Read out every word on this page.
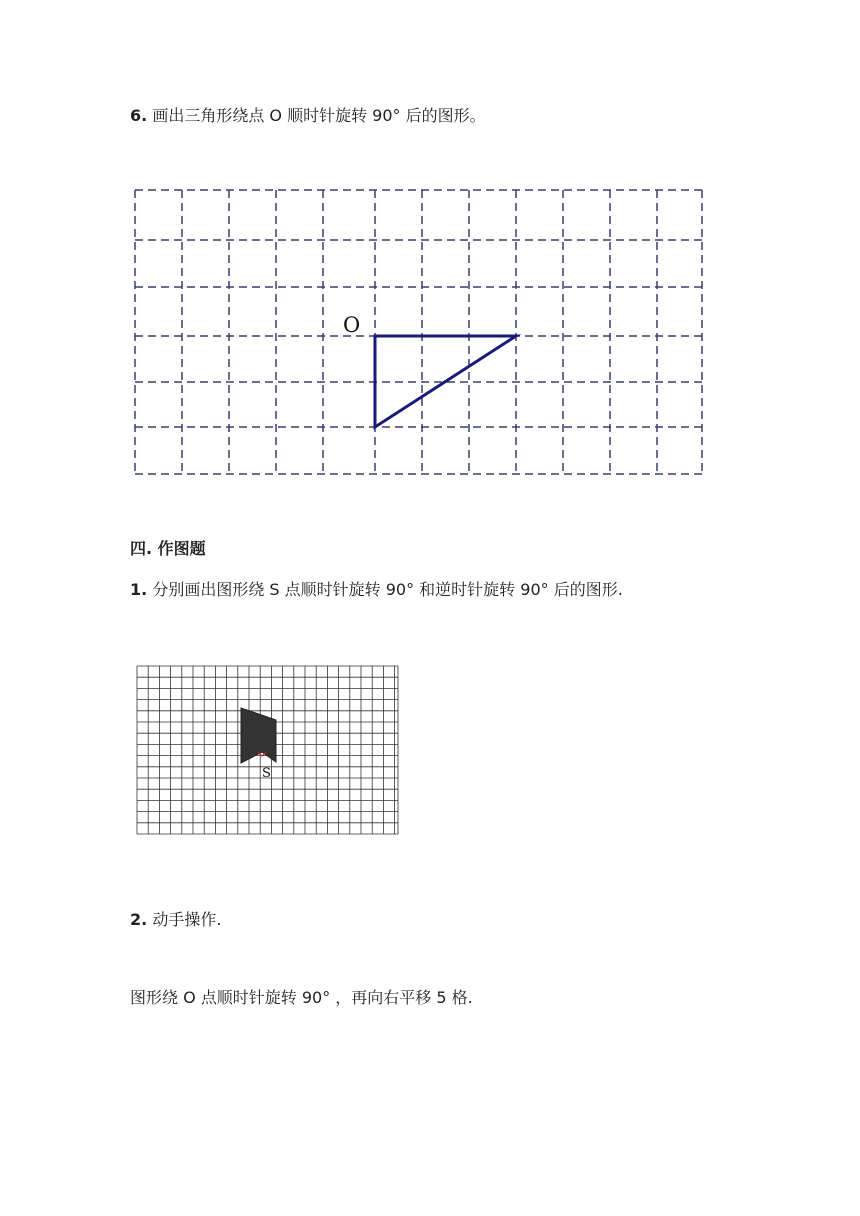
6. 画出三角形绕点 O 顺时针旋转 90° 后的图形。
O
四. 作图题
1. 分别画出图形绕 S 点顺时针旋转 90° 和逆时针旋转 90° 后的图形.
S
2. 动手操作.
图形绕 O 点顺时针旋转 90° ，再向右平移 5 格.
